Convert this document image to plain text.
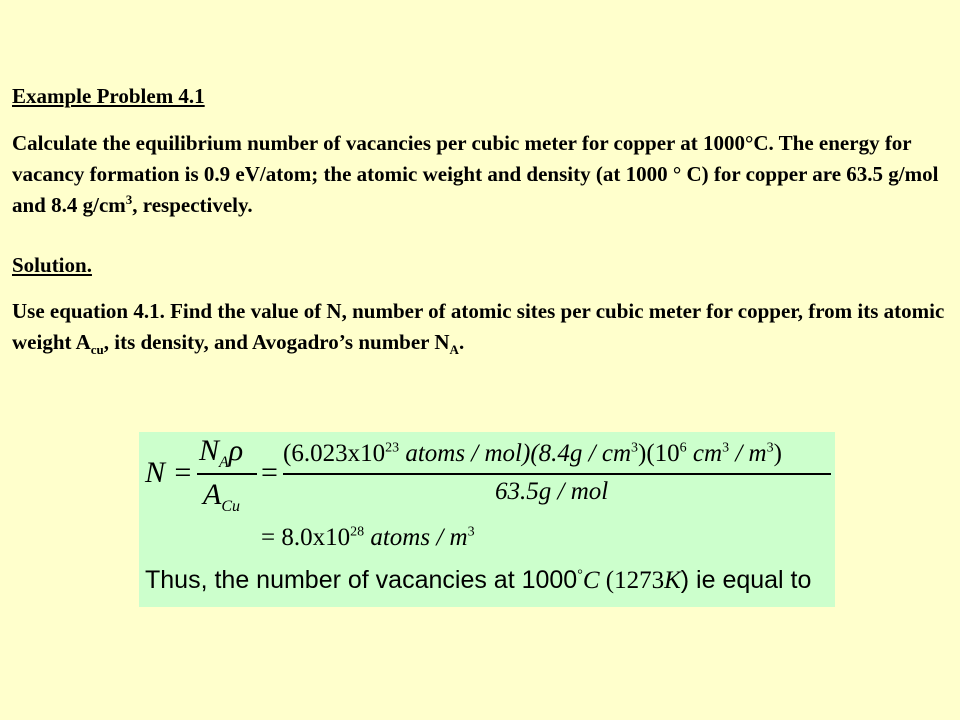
Example Problem 4.1
Calculate the equilibrium number of vacancies per cubic meter for copper at 1000°C. The energy for vacancy formation is 0.9 eV/atom; the atomic weight and density (at 1000 ° C) for copper are 63.5 g/mol and 8.4 $g/cm^3$, respectively.
Solution.
Use equation 4.1. Find the value of N, number of atomic sites per cubic meter for copper, from its atomic weight $A_{cu}$, its density, and Avogadro’s number $N_A$.
N =
$N_A\rho$
$A_{Cu}$
=
($6.023x10^{23}$ atoms / $mol)(8.4g / cm^3)(10^6$ $cm^3 / m^3$)
63.5g / mol
= $8.0x10^{28}$ atoms / $m^3$
Thus, the number of vacancies at 1000°C (1273K) ie equal to
